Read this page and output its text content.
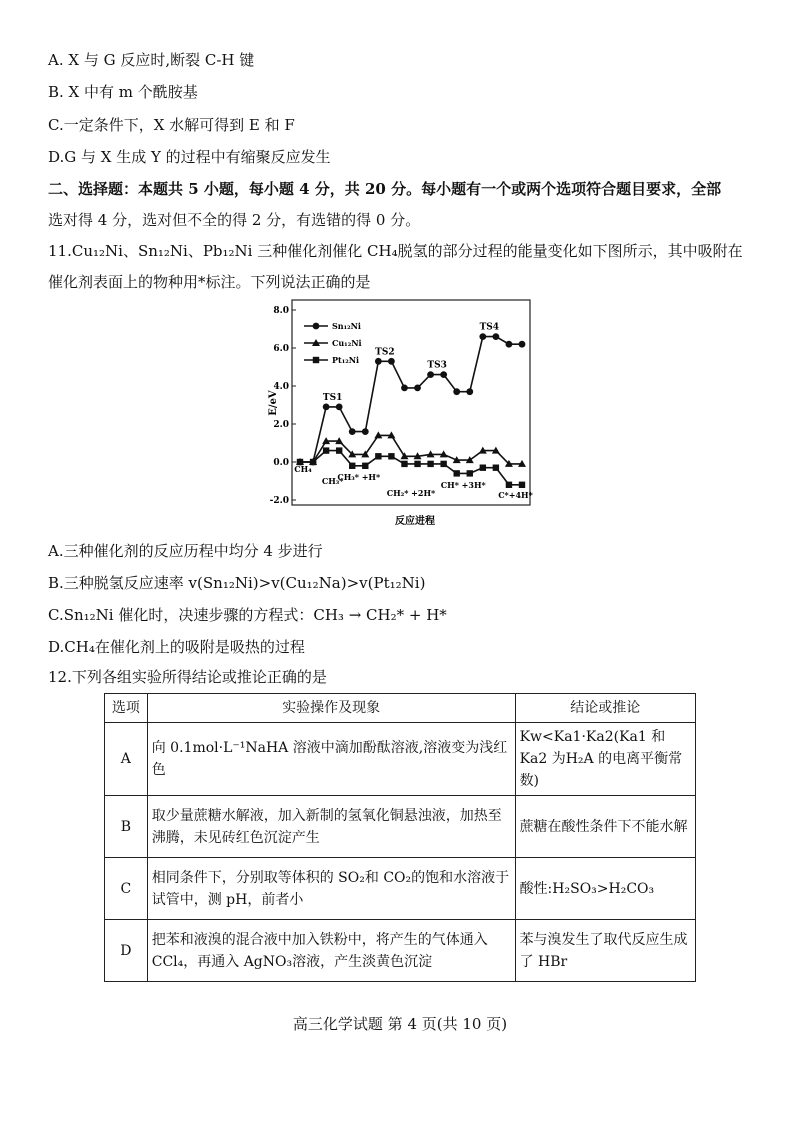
A. X 与 G 反应时,断裂 C-H 键
B. X 中有 m 个酰胺基
C.一定条件下，X 水解可得到 E 和 F
D.G 与 X 生成 Y 的过程中有缩聚反应发生
二、选择题：本题共 5 小题，每小题 4 分，共 20 分。每小题有一个或两个选项符合题目要求，全部
选对得 4 分，选对但不全的得 2 分，有选错的得 0 分。
11.Cu₁₂Ni、Sn₁₂Ni、Pb₁₂Ni 三种催化剂催化 CH₄脱氢的部分过程的能量变化如下图所示，其中吸附在
催化剂表面上的物种用*标注。下列说法正确的是
8.0
6.0
4.0
2.0
0.0
-2.0
E/eV	TS1
TS2
TS3
TS4
CH₄
CH₃*
CH₃* +H*
CH₂* +2H*
CH* +3H*
C*+4H*
Sn₁₂Ni
Cu₁₂Ni
Pt₁₂Ni
反应进程
A.三种催化剂的反应历程中均分 4 步进行
B.三种脱氢反应速率 v(Sn₁₂Ni)>v(Cu₁₂Na)>v(Pt₁₂Ni)
C.Sn₁₂Ni 催化时，决速步骤的方程式：CH₃ → CH₂* + H*
D.CH₄在催化剂上的吸附是吸热的过程
12.下列各组实验所得结论或推论正确的是
选项	实验操作及现象	结论或推论
A	向 0.1mol·L⁻¹NaHA 溶液中滴加酚酞溶液,溶液变为浅红色	Kw<Ka1·Ka2(Ka1 和 Ka2 为H₂A 的电离平衡常数)
B	取少量蔗糖水解液，加入新制的氢氧化铜悬浊液，加热至沸腾，未见砖红色沉淀产生	蔗糖在酸性条件下不能水解
C	相同条件下，分别取等体积的 SO₂和 CO₂的饱和水溶液于试管中，测 pH，前者小	酸性:H₂SO₃>H₂CO₃
D	把苯和液溴的混合液中加入铁粉中，将产生的气体通入 CCl₄，再通入 AgNO₃溶液，产生淡黄色沉淀	苯与溴发生了取代反应生成了 HBr
高三化学试题 第 4 页(共 10 页)
